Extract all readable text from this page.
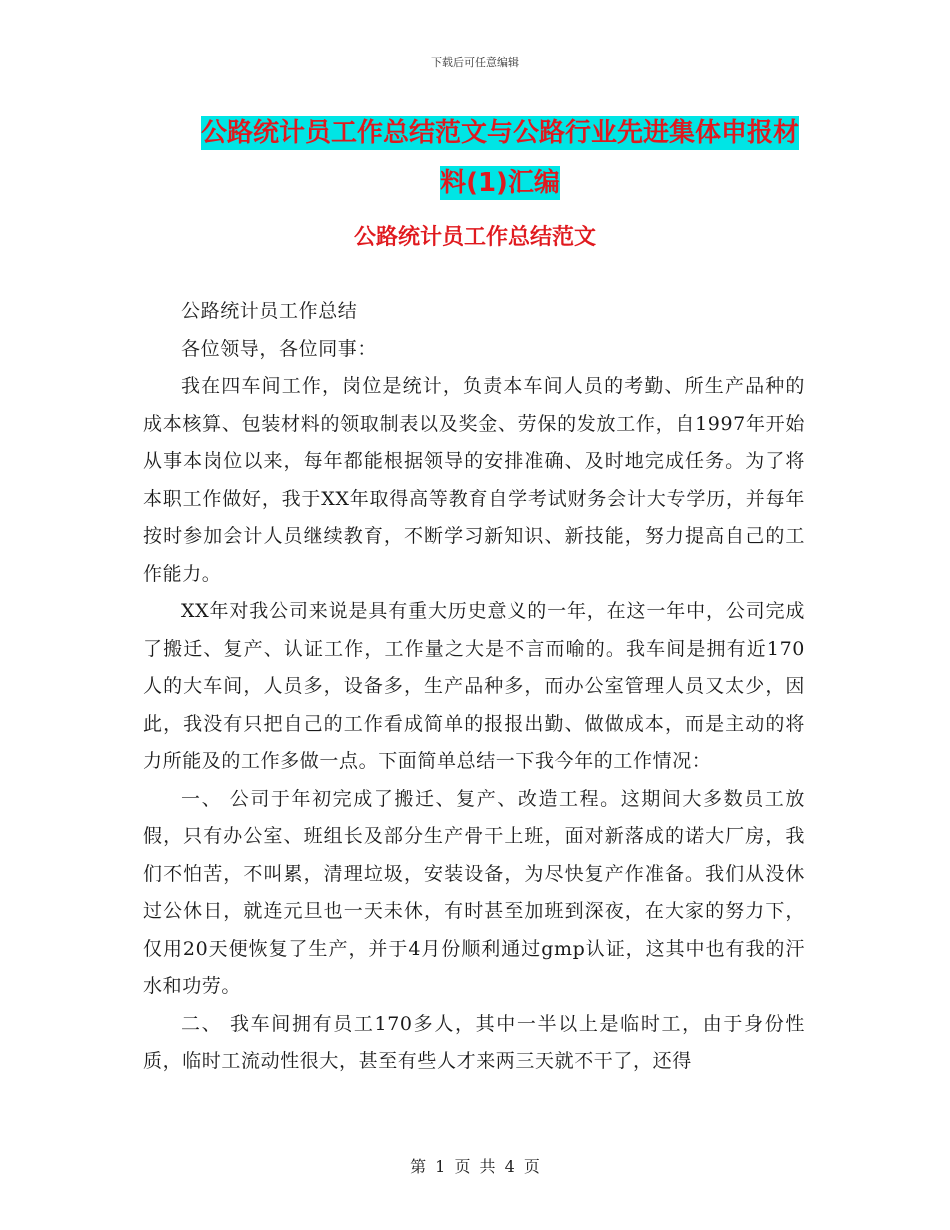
下载后可任意编辑
公路统计员工作总结范文与公路行业先进集体申报材
料(1)汇编
公路统计员工作总结范文

公路统计员工作总结

各位领导，各位同事：

我在四车间工作，岗位是统计，负责本车间人员的考勤、所生产品种的成本核算、包装材料的领取制表以及奖金、劳保的发放工作，自1997年开始从事本岗位以来，每年都能根据领导的安排准确、及时地完成任务。为了将本职工作做好，我于XX年取得高等教育自学考试财务会计大专学历，并每年按时参加会计人员继续教育，不断学习新知识、新技能，努力提高自己的工作能力。

XX年对我公司来说是具有重大历史意义的一年，在这一年中，公司完成了搬迁、复产、认证工作，工作量之大是不言而喻的。我车间是拥有近170人的大车间，人员多，设备多，生产品种多，而办公室管理人员又太少，因此，我没有只把自己的工作看成简单的报报出勤、做做成本，而是主动的将力所能及的工作多做一点。下面简单总结一下我今年的工作情况：

一、 公司于年初完成了搬迁、复产、改造工程。这期间大多数员工放假，只有办公室、班组长及部分生产骨干上班，面对新落成的诺大厂房，我们不怕苦，不叫累，清理垃圾，安装设备，为尽快复产作准备。我们从没休过公休日，就连元旦也一天未休，有时甚至加班到深夜，在大家的努力下，仅用20天便恢复了生产，并于4月份顺利通过gmp认证，这其中也有我的汗水和功劳。

二、 我车间拥有员工170多人，其中一半以上是临时工，由于身份性质，临时工流动性很大，甚至有些人才来两三天就不干了，还得

第 1 页 共 4 页
